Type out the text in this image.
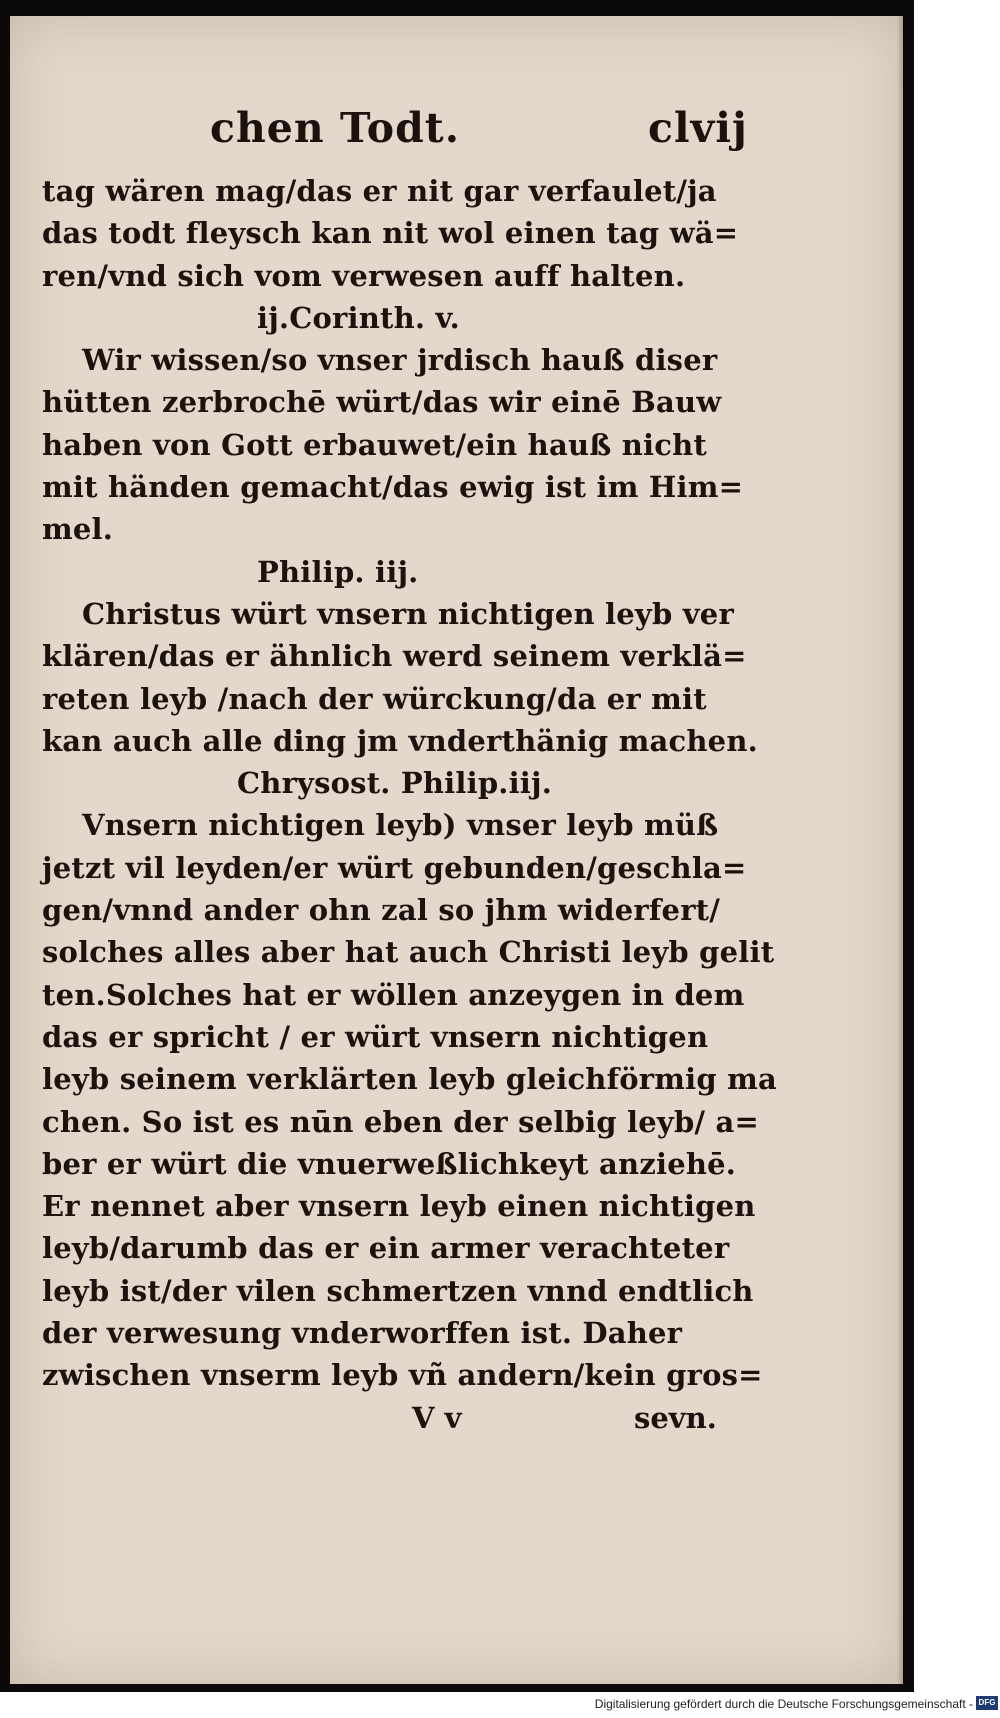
chen Todt.	clvij
tag wären mag/das er nit gar verfaulet/ja
das todt fleysch kan nit wol einen tag wä=
ren/vnd sich vom verwesen auff halten.
ij.Corinth. v.
Wir wissen/so vnser jrdisch hauß diser
hütten zerbrochē würt/das wir einē Bauw
haben von Gott erbauwet/ein hauß nicht
mit händen gemacht/das ewig ist im Him=
mel.
Philip. iij.
Christus würt vnsern nichtigen leyb ver
klären/das er ähnlich werd seinem verklä=
reten leyb /nach der würckung/da er mit
kan auch alle ding jm vnderthänig machen.
Chrysost. Philip.iij.
Vnsern nichtigen leyb) vnser leyb müß
jetzt vil leyden/er würt gebunden/geschla=
gen/vnnd ander ohn zal so jhm widerfert/
solches alles aber hat auch Christi leyb gelit
ten.Solches hat er wöllen anzeygen in dem
das er spricht / er würt vnsern nichtigen
leyb seinem verklärten leyb gleichförmig ma
chen. So ist es nūn eben der selbig leyb/ a=
ber er würt die vnuerweßlichkeyt anziehē.
Er nennet aber vnsern leyb einen nichtigen
leyb/darumb das er ein armer verachteter
leyb ist/der vilen schmertzen vnnd endtlich
der verwesung vnderworffen ist. Daher
zwischen vnserm leyb vñ andern/kein gros=
V v	sevn.
Digitalisierung gefördert durch die Deutsche Forschungsgemeinschaft - DFG
